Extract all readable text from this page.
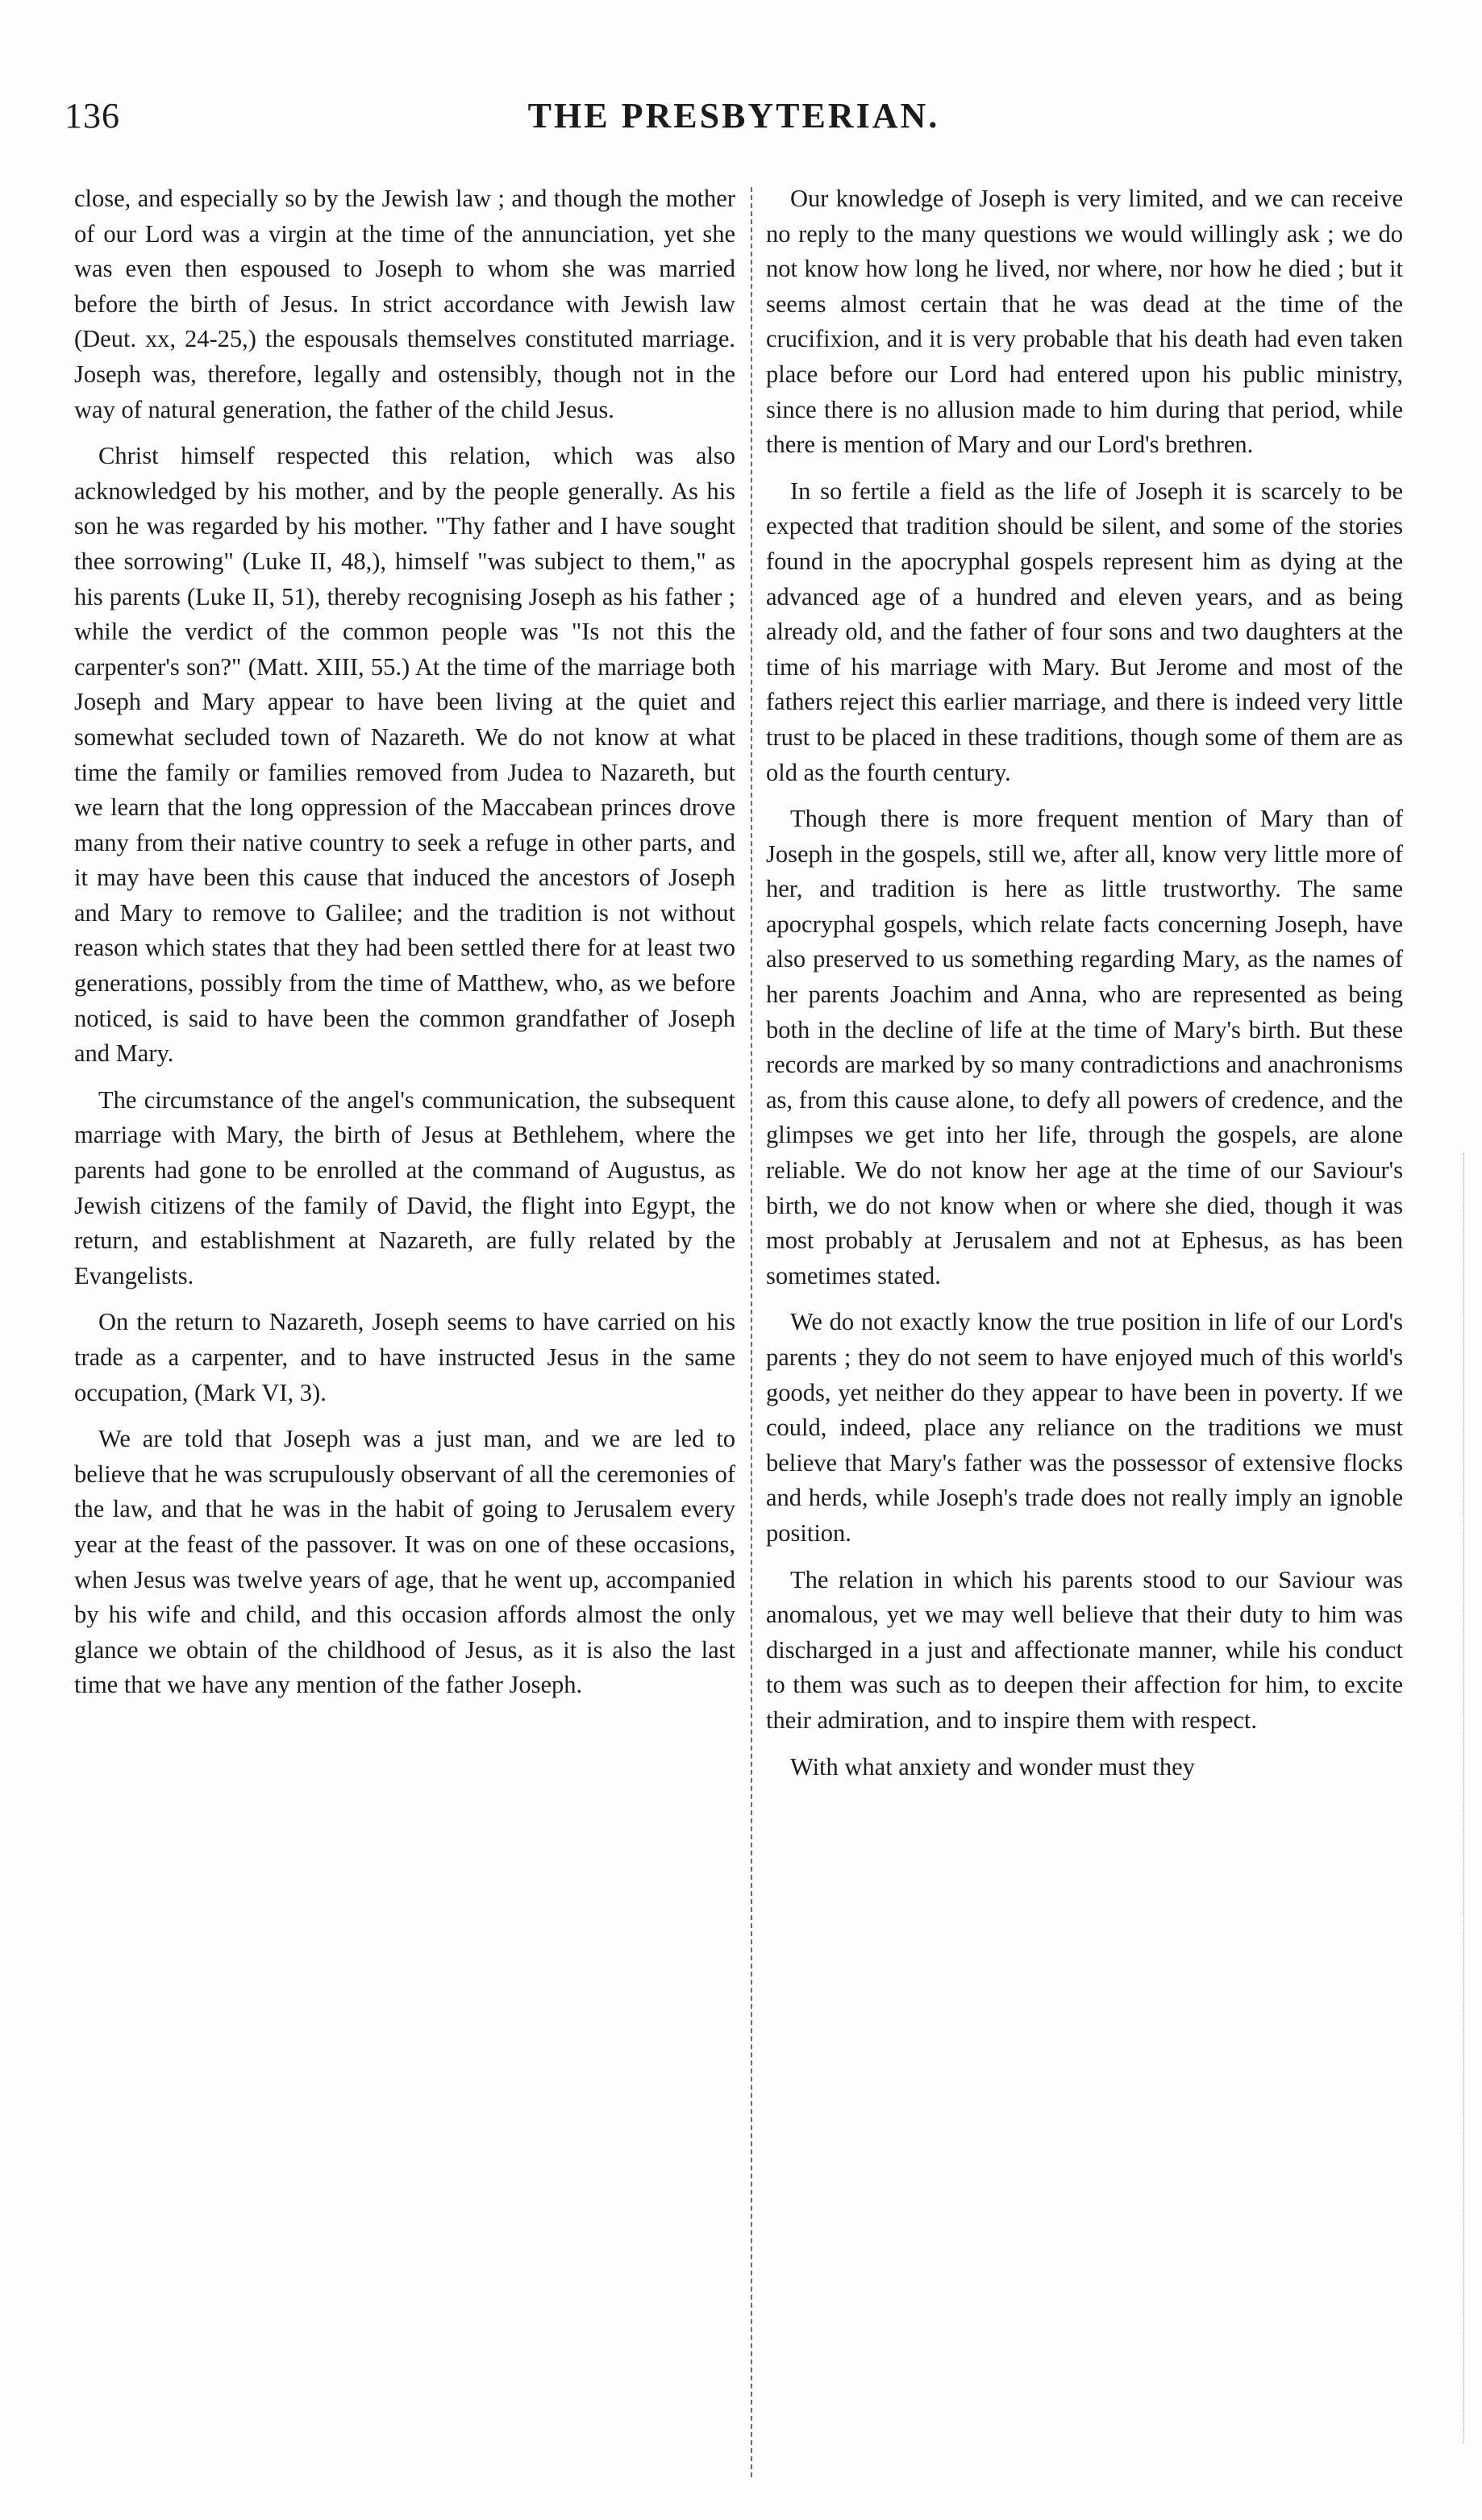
136	THE PRESBYTERIAN.

close, and especially so by the Jewish law ; and though the mother of our Lord was a virgin at the time of the annunciation, yet she was even then espoused to Joseph to whom she was married before the birth of Jesus. In strict accordance with Jewish law (Deut. xx, 24-25,) the espousals themselves constituted marriage. Joseph was, therefore, legally and ostensibly, though not in the way of natural generation, the father of the child Jesus.

Christ himself respected this relation, which was also acknowledged by his mother, and by the people generally. As his son he was regarded by his mother. "Thy father and I have sought thee sorrowing" (Luke II, 48,), himself "was subject to them," as his parents (Luke II, 51), thereby recognising Joseph as his father ; while the verdict of the common people was "Is not this the carpenter's son?" (Matt. XIII, 55.) At the time of the marriage both Joseph and Mary appear to have been living at the quiet and somewhat secluded town of Nazareth. We do not know at what time the family or families removed from Judea to Nazareth, but we learn that the long oppression of the Maccabean princes drove many from their native country to seek a refuge in other parts, and it may have been this cause that induced the ancestors of Joseph and Mary to remove to Galilee; and the tradition is not without reason which states that they had been settled there for at least two generations, possibly from the time of Matthew, who, as we before noticed, is said to have been the common grandfather of Joseph and Mary.

The circumstance of the angel's communication, the subsequent marriage with Mary, the birth of Jesus at Bethlehem, where the parents had gone to be enrolled at the command of Augustus, as Jewish citizens of the family of David, the flight into Egypt, the return, and establishment at Nazareth, are fully related by the Evangelists.

On the return to Nazareth, Joseph seems to have carried on his trade as a carpenter, and to have instructed Jesus in the same occupation, (Mark VI, 3).

We are told that Joseph was a just man, and we are led to believe that he was scrupulously observant of all the ceremonies of the law, and that he was in the habit of going to Jerusalem every year at the feast of the passover. It was on one of these occasions, when Jesus was twelve years of age, that he went up, accompanied by his wife and child, and this occasion affords almost the only glance we obtain of the childhood of Jesus, as it is also the last time that we have any mention of the father Joseph.

Our knowledge of Joseph is very limited, and we can receive no reply to the many questions we would willingly ask ; we do not know how long he lived, nor where, nor how he died ; but it seems almost certain that he was dead at the time of the crucifixion, and it is very probable that his death had even taken place before our Lord had entered upon his public ministry, since there is no allusion made to him during that period, while there is mention of Mary and our Lord's brethren.

In so fertile a field as the life of Joseph it is scarcely to be expected that tradition should be silent, and some of the stories found in the apocryphal gospels represent him as dying at the advanced age of a hundred and eleven years, and as being already old, and the father of four sons and two daughters at the time of his marriage with Mary. But Jerome and most of the fathers reject this earlier marriage, and there is indeed very little trust to be placed in these traditions, though some of them are as old as the fourth century.

Though there is more frequent mention of Mary than of Joseph in the gospels, still we, after all, know very little more of her, and tradition is here as little trustworthy. The same apocryphal gospels, which relate facts concerning Joseph, have also preserved to us something regarding Mary, as the names of her parents Joachim and Anna, who are represented as being both in the decline of life at the time of Mary's birth. But these records are marked by so many contradictions and anachronisms as, from this cause alone, to defy all powers of credence, and the glimpses we get into her life, through the gospels, are alone reliable. We do not know her age at the time of our Saviour's birth, we do not know when or where she died, though it was most probably at Jerusalem and not at Ephesus, as has been sometimes stated.

We do not exactly know the true position in life of our Lord's parents ; they do not seem to have enjoyed much of this world's goods, yet neither do they appear to have been in poverty. If we could, indeed, place any reliance on the traditions we must believe that Mary's father was the possessor of extensive flocks and herds, while Joseph's trade does not really imply an ignoble position.

The relation in which his parents stood to our Saviour was anomalous, yet we may well believe that their duty to him was discharged in a just and affectionate manner, while his conduct to them was such as to deepen their affection for him, to excite their admiration, and to inspire them with respect.

With what anxiety and wonder must they
